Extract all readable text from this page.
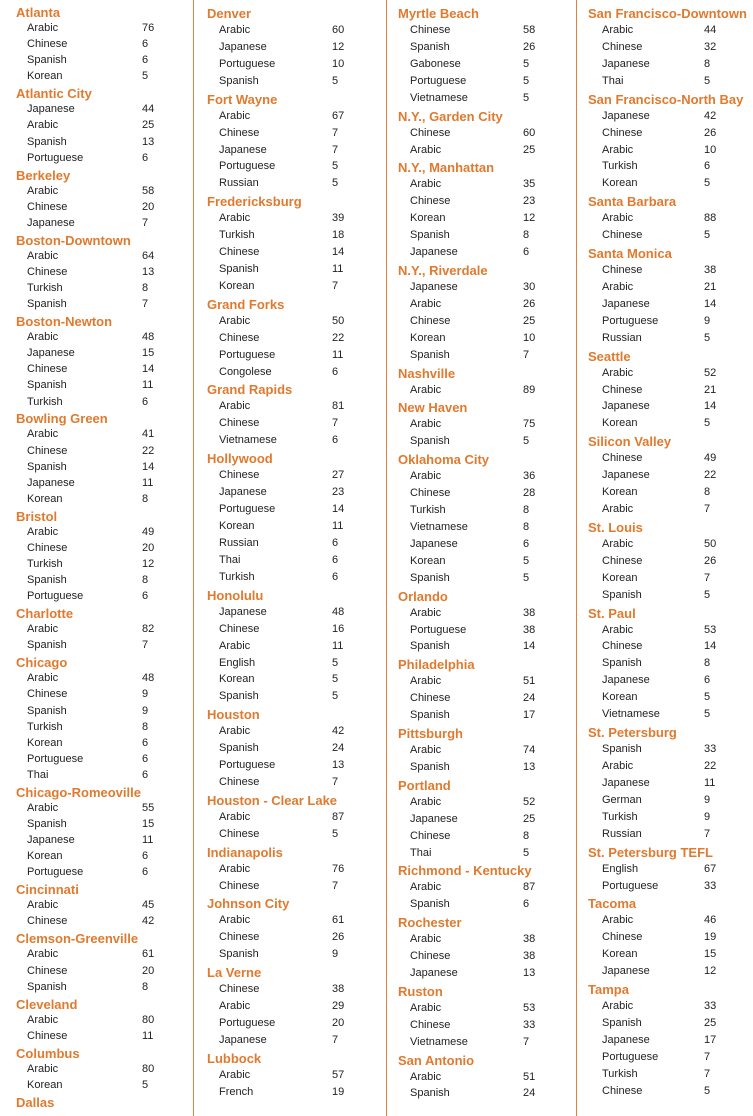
Atlanta
Arabic	76
Chinese	6
Spanish	6
Korean	5
Atlantic City
Japanese	44
Arabic	25
Spanish	13
Portuguese	6
Berkeley
Arabic	58
Chinese	20
Japanese	7
Boston-Downtown
Arabic	64
Chinese	13
Turkish	8
Spanish	7
Boston-Newton
Arabic	48
Japanese	15
Chinese	14
Spanish	11
Turkish	6
Bowling Green
Arabic	41
Chinese	22
Spanish	14
Japanese	11
Korean	8
Bristol
Arabic	49
Chinese	20
Turkish	12
Spanish	8
Portuguese	6
Charlotte
Arabic	82
Spanish	7
Chicago
Arabic	48
Chinese	9
Spanish	9
Turkish	8
Korean	6
Portuguese	6
Thai	6
Chicago-Romeoville
Arabic	55
Spanish	15
Japanese	11
Korean	6
Portuguese	6
Cincinnati
Arabic	45
Chinese	42
Clemson-Greenville
Arabic	61
Chinese	20
Spanish	8
Cleveland
Arabic	80
Chinese	11
Columbus
Arabic	80
Korean	5
Dallas
Denver
Arabic	60
Japanese	12
Portuguese	10
Spanish	5
Fort Wayne
Arabic	67
Chinese	7
Japanese	7
Portuguese	5
Russian	5
Fredericksburg
Arabic	39
Turkish	18
Chinese	14
Spanish	11
Korean	7
Grand Forks
Arabic	50
Chinese	22
Portuguese	11
Congolese	6
Grand Rapids
Arabic	81
Chinese	7
Vietnamese	6
Hollywood
Chinese	27
Japanese	23
Portuguese	14
Korean	11
Russian	6
Thai	6
Turkish	6
Honolulu
Japanese	48
Chinese	16
Arabic	11
English	5
Korean	5
Spanish	5
Houston
Arabic	42
Spanish	24
Portuguese	13
Chinese	7
Houston - Clear Lake
Arabic	87
Chinese	5
Indianapolis
Arabic	76
Chinese	7
Johnson City
Arabic	61
Chinese	26
Spanish	9
La Verne
Chinese	38
Arabic	29
Portuguese	20
Japanese	7
Lubbock
Arabic	57
French	19
Myrtle Beach
Chinese	58
Spanish	26
Gabonese	5
Portuguese	5
Vietnamese	5
N.Y., Garden City
Chinese	60
Arabic	25
N.Y., Manhattan
Arabic	35
Chinese	23
Korean	12
Spanish	8
Japanese	6
N.Y., Riverdale
Japanese	30
Arabic	26
Chinese	25
Korean	10
Spanish	7
Nashville
Arabic	89
New Haven
Arabic	75
Spanish	5
Oklahoma City
Arabic	36
Chinese	28
Turkish	8
Vietnamese	8
Japanese	6
Korean	5
Spanish	5
Orlando
Arabic	38
Portuguese	38
Spanish	14
Philadelphia
Arabic	51
Chinese	24
Spanish	17
Pittsburgh
Arabic	74
Spanish	13
Portland
Arabic	52
Japanese	25
Chinese	8
Thai	5
Richmond - Kentucky
Arabic	87
Spanish	6
Rochester
Arabic	38
Chinese	38
Japanese	13
Ruston
Arabic	53
Chinese	33
Vietnamese	7
San Antonio
Arabic	51
Spanish	24
San Francisco-Downtown
Arabic	44
Chinese	32
Japanese	8
Thai	5
San Francisco-North Bay
Japanese	42
Chinese	26
Arabic	10
Turkish	6
Korean	5
Santa Barbara
Arabic	88
Chinese	5
Santa Monica
Chinese	38
Arabic	21
Japanese	14
Portuguese	9
Russian	5
Seattle
Arabic	52
Chinese	21
Japanese	14
Korean	5
Silicon Valley
Chinese	49
Japanese	22
Korean	8
Arabic	7
St. Louis
Arabic	50
Chinese	26
Korean	7
Spanish	5
St. Paul
Arabic	53
Chinese	14
Spanish	8
Japanese	6
Korean	5
Vietnamese	5
St. Petersburg
Spanish	33
Arabic	22
Japanese	11
German	9
Turkish	9
Russian	7
St. Petersburg TEFL
English	67
Portuguese	33
Tacoma
Arabic	46
Chinese	19
Korean	15
Japanese	12
Tampa
Arabic	33
Spanish	25
Japanese	17
Portuguese	7
Turkish	7
Chinese	5
